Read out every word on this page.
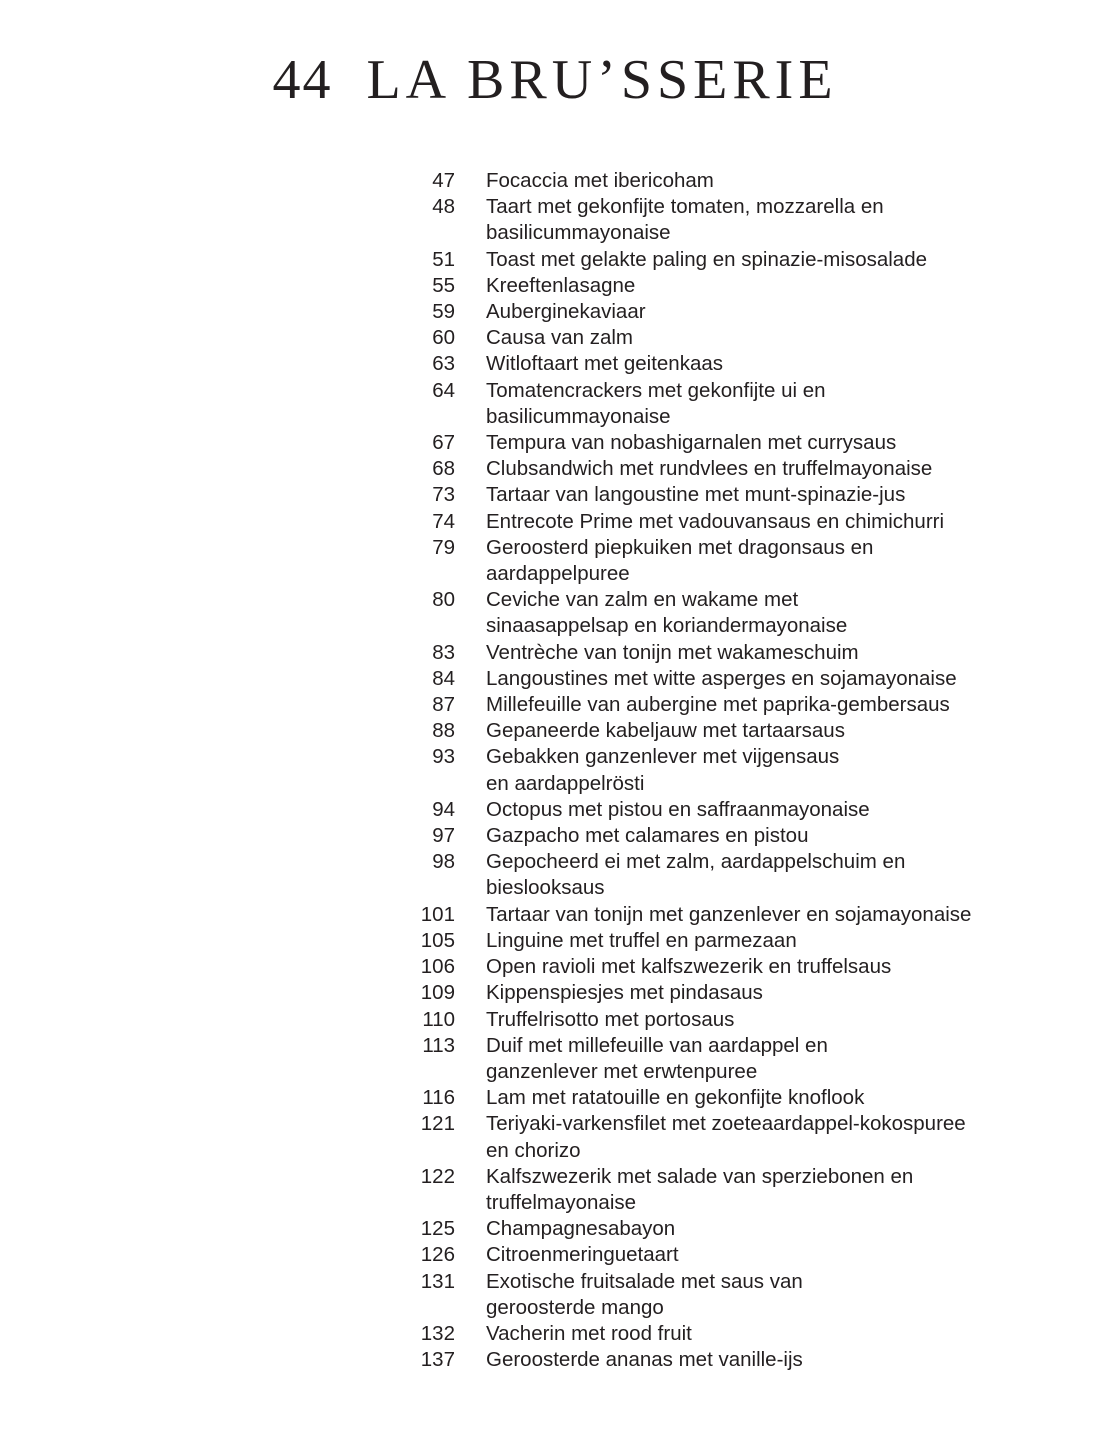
44 LA BRU’SSERIE
47	Focaccia met ibericoham
48	Taart met gekonfijte tomaten, mozzarella en
basilicummayonaise
51	Toast met gelakte paling en spinazie-misosalade
55	Kreeftenlasagne
59	Auberginekaviaar
60	Causa van zalm
63	Witloftaart met geitenkaas
64	Tomatencrackers met gekonfijte ui en
basilicummayonaise
67	Tempura van nobashigarnalen met currysaus
68	Clubsandwich met rundvlees en truffelmayonaise
73	Tartaar van langoustine met munt-spinazie-jus
74	Entrecote Prime met vadouvansaus en chimichurri
79	Geroosterd piepkuiken met dragonsaus en
aardappelpuree
80	Ceviche van zalm en wakame met
sinaasappelsap en koriandermayonaise
83	Ventrèche van tonijn met wakameschuim
84	Langoustines met witte asperges en sojamayonaise
87	Millefeuille van aubergine met paprika-gembersaus
88	Gepaneerde kabeljauw met tartaarsaus
93	Gebakken ganzenlever met vijgensaus
en aardappelrösti
94	Octopus met pistou en saffraanmayonaise
97	Gazpacho met calamares en pistou
98	Gepocheerd ei met zalm, aardappelschuim en
bieslooksaus
101	Tartaar van tonijn met ganzenlever en sojamayonaise
105	Linguine met truffel en parmezaan
106	Open ravioli met kalfszwezerik en truffelsaus
109	Kippenspiesjes met pindasaus
110	Truffelrisotto met portosaus
113	Duif met millefeuille van aardappel en
ganzenlever met erwtenpuree
116	Lam met ratatouille en gekonfijte knoflook
121	Teriyaki-varkensfilet met zoeteaardappel-kokospuree
en chorizo
122	Kalfszwezerik met salade van sperziebonen en
truffelmayonaise
125	Champagnesabayon
126	Citroenmeringuetaart
131	Exotische fruitsalade met saus van
geroosterde mango
132	Vacherin met rood fruit
137	Geroosterde ananas met vanille-ijs
